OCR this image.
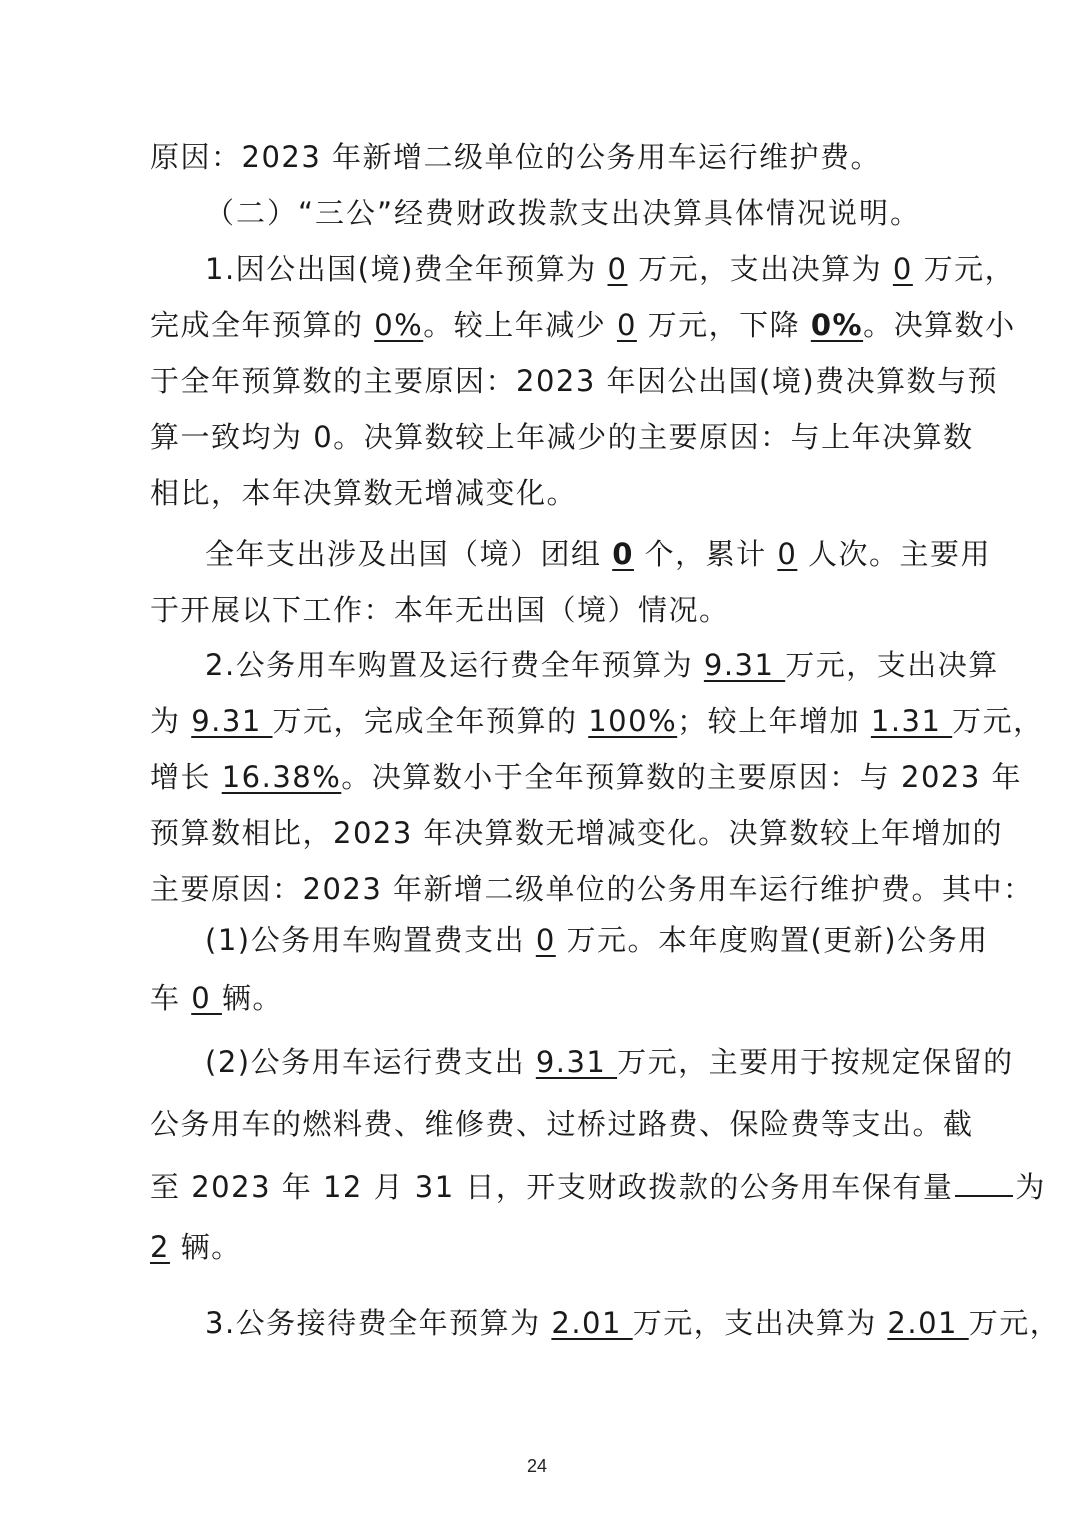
原因：2023 年新增二级单位的公务用车运行维护费。
（二）“三公”经费财政拨款支出决算具体情况说明。
1.因公出国(境)费全年预算为 0 万元，支出决算为 0 万元，
完成全年预算的 0%。较上年减少 0 万元，下降 0%。决算数小
于全年预算数的主要原因：2023 年因公出国(境)费决算数与预
算一致均为 0。决算数较上年减少的主要原因：与上年决算数
相比，本年决算数无增减变化。
全年支出涉及出国（境）团组 0 个，累计 0 人次。主要用
于开展以下工作：本年无出国（境）情况。
2.公务用车购置及运行费全年预算为 9.31 万元，支出决算
为 9.31 万元，完成全年预算的 100%；较上年增加 1.31 万元，
增长 16.38%。决算数小于全年预算数的主要原因：与 2023 年
预算数相比，2023 年决算数无增减变化。决算数较上年增加的
主要原因：2023 年新增二级单位的公务用车运行维护费。其中：
(1)公务用车购置费支出 0 万元。本年度购置(更新)公务用
车 0 辆。
(2)公务用车运行费支出 9.31 万元，主要用于按规定保留的
公务用车的燃料费、维修费、过桥过路费、保险费等支出。截
至 2023 年 12 月 31 日，开支财政拨款的公务用车保有量 为
2 辆。
3.公务接待费全年预算为 2.01 万元，支出决算为 2.01 万元，
24
